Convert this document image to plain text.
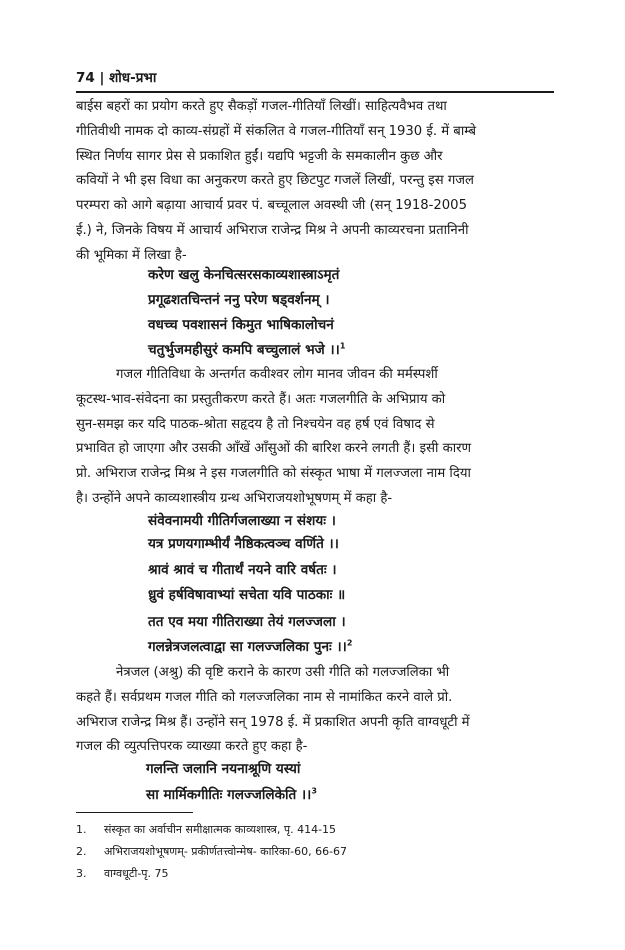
74 | शोध-प्रभा
बाईस बहरों का प्रयोग करते हुए सैकड़ों गजल-गीतियाँ लिखीं। साहित्यवैभव तथा
गीतिवीथी नामक दो काव्य-संग्रहों में संकलित वे गजल-गीतियाँ सन् 1930 ई. में बाम्बे
स्थित निर्णय सागर प्रेस से प्रकाशित हुईं। यद्यपि भट्टजी के समकालीन कुछ और
कवियों ने भी इस विधा का अनुकरण करते हुए छिटपुट गजलें लिखीं, परन्तु इस गजल
परम्परा को आगे बढ़ाया आचार्य प्रवर पं. बच्चूलाल अवस्थी जी (सन् 1918-2005
ई.) ने, जिनके विषय में आचार्य अभिराज राजेन्द्र मिश्र ने अपनी काव्यरचना प्रतानिनी
की भूमिका में लिखा है-
करेण खलु केनचित्सरसकाव्यशास्त्राऽमृतं
प्रगूढशतचिन्तनं ननु परेण षड्वर्शनम् ।
वधच्च पवशासनं किमुत भाषिकालोचनं
चतुर्भुजमहीसुरं कमपि बच्चुलालं भजे ।।$^1$
गजल गीतिविधा के अन्तर्गत कवीश्वर लोग मानव जीवन की मर्मस्पर्शी
कूटस्थ-भाव-संवेदना का प्रस्तुतीकरण करते हैं। अतः गजलगीति के अभिप्राय को
सुन-समझ कर यदि पाठक-श्रोता सहृदय है तो निश्चयेन वह हर्ष एवं विषाद से
प्रभावित हो जाएगा और उसकी आँखें आँसुओं की बारिश करने लगती हैं। इसी कारण
प्रो. अभिराज राजेन्द्र मिश्र ने इस गजलगीति को संस्कृत भाषा में गलज्जला नाम दिया
है। उन्होंने अपने काव्यशास्त्रीय ग्रन्थ अभिराजयशोभूषणम् में कहा है-
संवेवनामयी गीतिर्गजलाख्या न संशयः ।
यत्र प्रणयगाम्भीर्यं नैष्ठिकत्वञ्च वर्णिते ।।
श्रावं श्रावं च गीतार्थं नयने वारि वर्षतः ।
ध्रुवं हर्षविषावाभ्यां सचेता यवि पाठकाः ॥
तत एव मया गीतिराख्या तेयं गलज्जला ।
गलन्नेत्रजलत्वाद्वा सा गलज्जलिका पुनः ।।$^2$
नेत्रजल (अश्रु) की वृष्टि कराने के कारण उसी गीति को गलज्जलिका भी
कहते हैं। सर्वप्रथम गजल गीति को गलज्जलिका नाम से नामांकित करने वाले प्रो.
अभिराज राजेन्द्र मिश्र हैं। उन्होंने सन् 1978 ई. में प्रकाशित अपनी कृति वाग्वधूटी में
गजल की व्युत्पत्तिपरक व्याख्या करते हुए कहा है-
गलन्ति जलानि नयनाश्रूणि यस्यां
सा मार्मिकगीतिः गलज्जलिकेति ।।$^3$
1. संस्कृत का अर्वाचीन समीक्षात्मक काव्यशास्त्र, पृ. 414-15
2. अभिराजयशोभूषणम्- प्रकीर्णतत्त्वोन्मेष- कारिका-60, 66-67
3. वाग्वधूटी-पृ. 75
